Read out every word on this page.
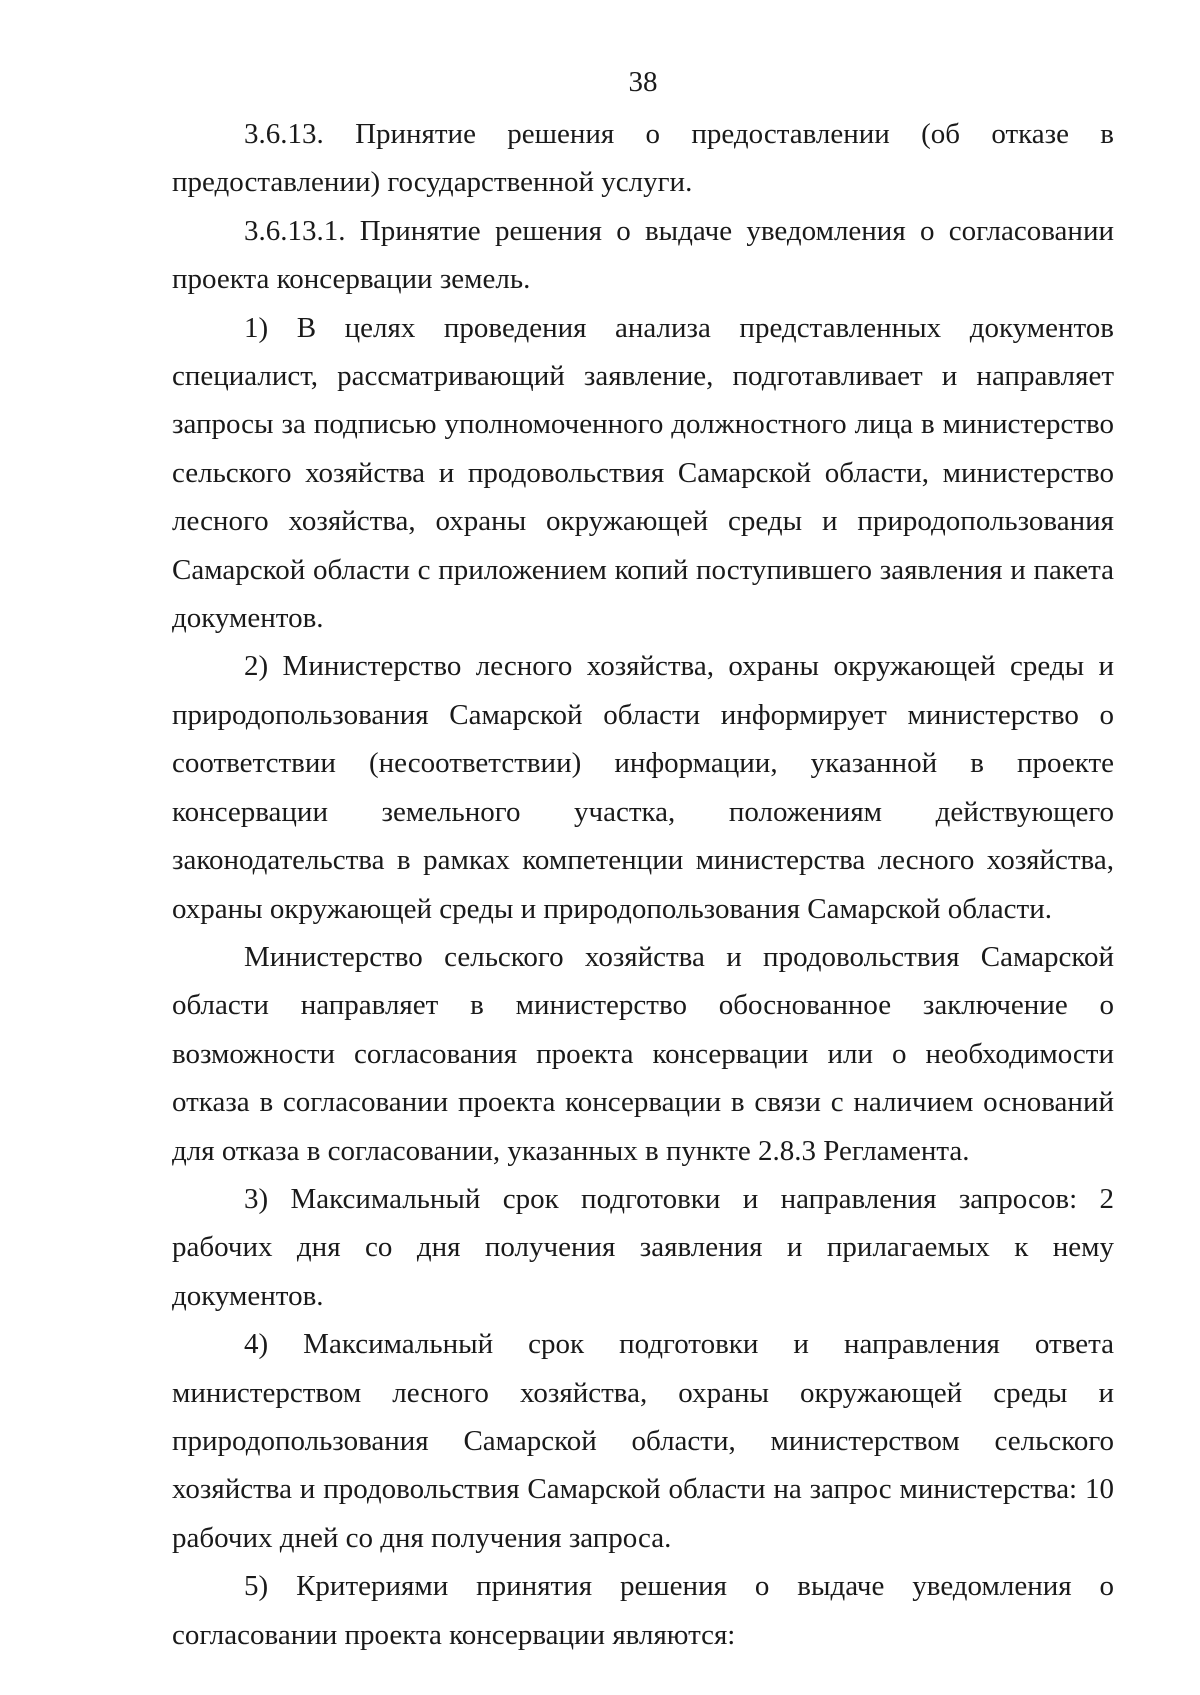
38

3.6.13. Принятие решения о предоставлении (об отказе в предоставлении) государственной услуги.

3.6.13.1. Принятие решения о выдаче уведомления о согласовании проекта консервации земель.

1) В целях проведения анализа представленных документов специалист, рассматривающий заявление, подготавливает и направляет запросы за подписью уполномоченного должностного лица в министерство сельского хозяйства и продовольствия Самарской области, министерство лесного хозяйства, охраны окружающей среды и природопользования Самарской области с приложением копий поступившего заявления и пакета документов.

2) Министерство лесного хозяйства, охраны окружающей среды и природопользования Самарской области информирует министерство о соответствии (несоответствии) информации, указанной в проекте консервации земельного участка, положениям действующего законодательства в рамках компетенции министерства лесного хозяйства, охраны окружающей среды и природопользования Самарской области.

Министерство сельского хозяйства и продовольствия Самарской области направляет в министерство обоснованное заключение о возможности согласования проекта консервации или о необходимости отказа в согласовании проекта консервации в связи с наличием оснований для отказа в согласовании, указанных в пункте 2.8.3 Регламента.

3) Максимальный срок подготовки и направления запросов: 2 рабочих дня со дня получения заявления и прилагаемых к нему документов.

4) Максимальный срок подготовки и направления ответа министерством лесного хозяйства, охраны окружающей среды и природопользования Самарской области, министерством сельского хозяйства и продовольствия Самарской области на запрос министерства: 10 рабочих дней со дня получения запроса.

5) Критериями принятия решения о выдаче уведомления о согласовании проекта консервации являются:
